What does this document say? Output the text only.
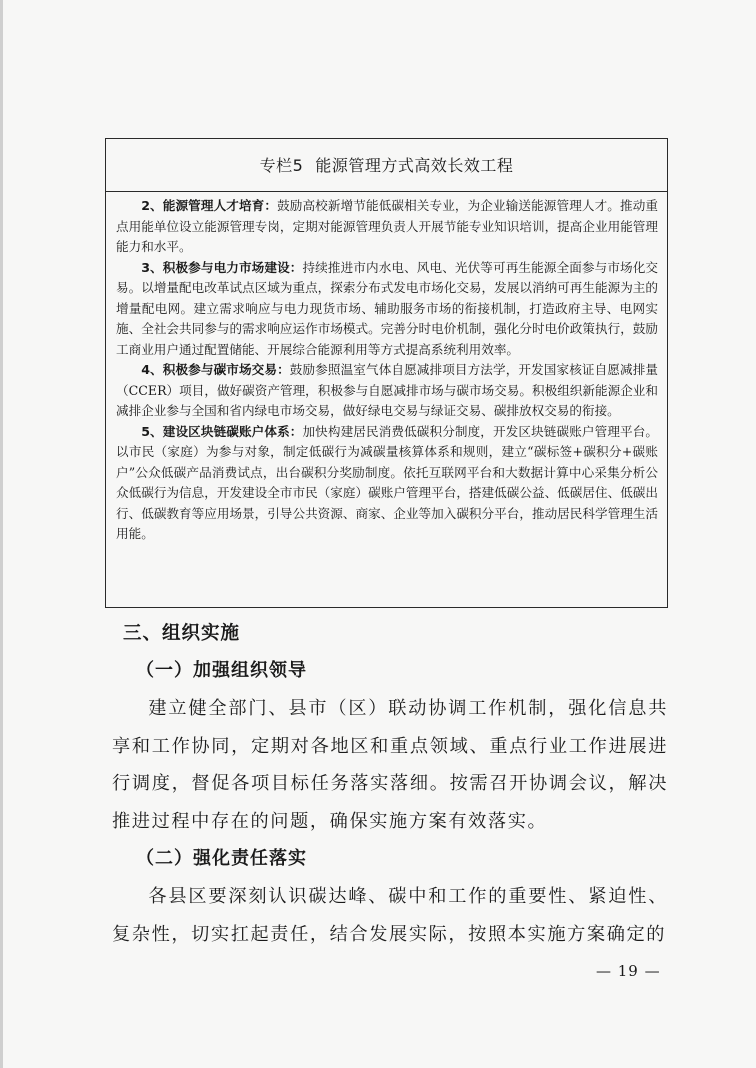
专栏5 能源管理方式高效长效工程

2、能源管理人才培育：鼓励高校新增节能低碳相关专业，为企业输送能源管理人才。推动重点用能单位设立能源管理专岗，定期对能源管理负责人开展节能专业知识培训，提高企业用能管理能力和水平。

3、积极参与电力市场建设：持续推进市内水电、风电、光伏等可再生能源全面参与市场化交易。以增量配电改革试点区域为重点，探索分布式发电市场化交易，发展以消纳可再生能源为主的增量配电网。建立需求响应与电力现货市场、辅助服务市场的衔接机制，打造政府主导、电网实施、全社会共同参与的需求响应运作市场模式。完善分时电价机制，强化分时电价政策执行，鼓励工商业用户通过配置储能、开展综合能源利用等方式提高系统利用效率。

4、积极参与碳市场交易：鼓励参照温室气体自愿减排项目方法学，开发国家核证自愿减排量（CCER）项目，做好碳资产管理，积极参与自愿减排市场与碳市场交易。积极组织新能源企业和减排企业参与全国和省内绿电市场交易，做好绿电交易与绿证交易、碳排放权交易的衔接。

5、建设区块链碳账户体系：加快构建居民消费低碳积分制度，开发区块链碳账户管理平台。以市民（家庭）为参与对象，制定低碳行为减碳量核算体系和规则，建立“碳标签+碳积分+碳账户”公众低碳产品消费试点，出台碳积分奖励制度。依托互联网平台和大数据计算中心采集分析公众低碳行为信息，开发建设全市市民（家庭）碳账户管理平台，搭建低碳公益、低碳居住、低碳出行、低碳教育等应用场景，引导公共资源、商家、企业等加入碳积分平台，推动居民科学管理生活用能。

三、组织实施
（一）加强组织领导

建立健全部门、县市（区）联动协调工作机制，强化信息共享和工作协同，定期对各地区和重点领域、重点行业工作进展进行调度，督促各项目标任务落实落细。按需召开协调会议，解决推进过程中存在的问题，确保实施方案有效落实。

（二）强化责任落实

各县区要深刻认识碳达峰、碳中和工作的重要性、紧迫性、复杂性，切实扛起责任，结合发展实际，按照本实施方案确定的

— 19 —
